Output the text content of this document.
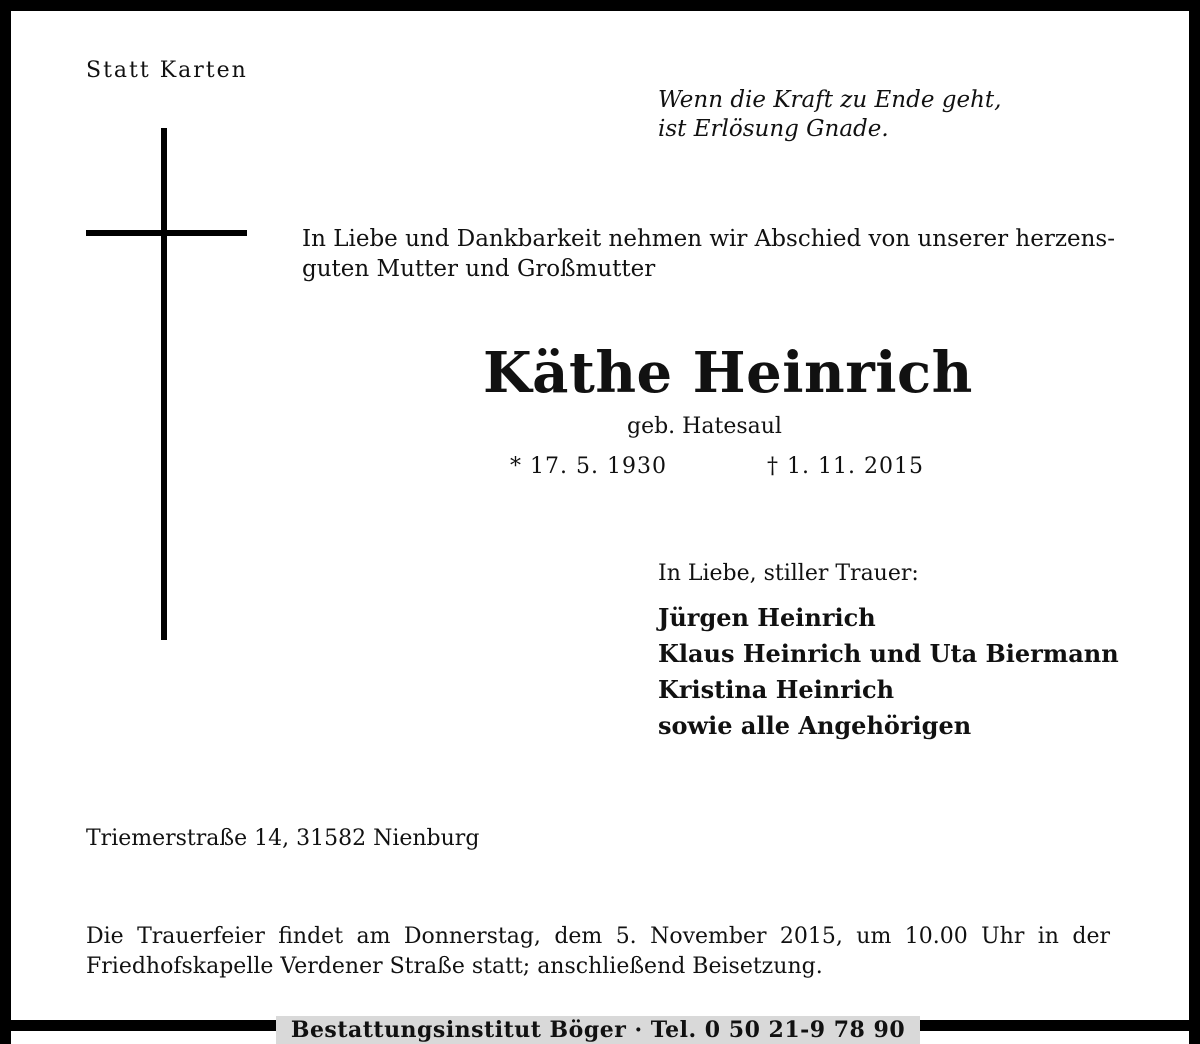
Statt Karten
Wenn die Kraft zu Ende geht,
ist Erlösung Gnade.
In Liebe und Dankbarkeit nehmen wir Abschied von unserer herzens-
guten Mutter und Großmutter
Käthe Heinrich
geb. Hatesaul
* 17. 5. 1930	† 1. 11. 2015
In Liebe, stiller Trauer:
Jürgen Heinrich
Klaus Heinrich und Uta Biermann
Kristina Heinrich
sowie alle Angehörigen
Triemerstraße 14, 31582 Nienburg
Die Trauerfeier findet am Donnerstag, dem 5. November 2015, um 10.00 Uhr in der Friedhofskapelle Verdener Straße statt; anschließend Beisetzung.
Bestattungsinstitut Böger · Tel. 0 50 21-9 78 90
